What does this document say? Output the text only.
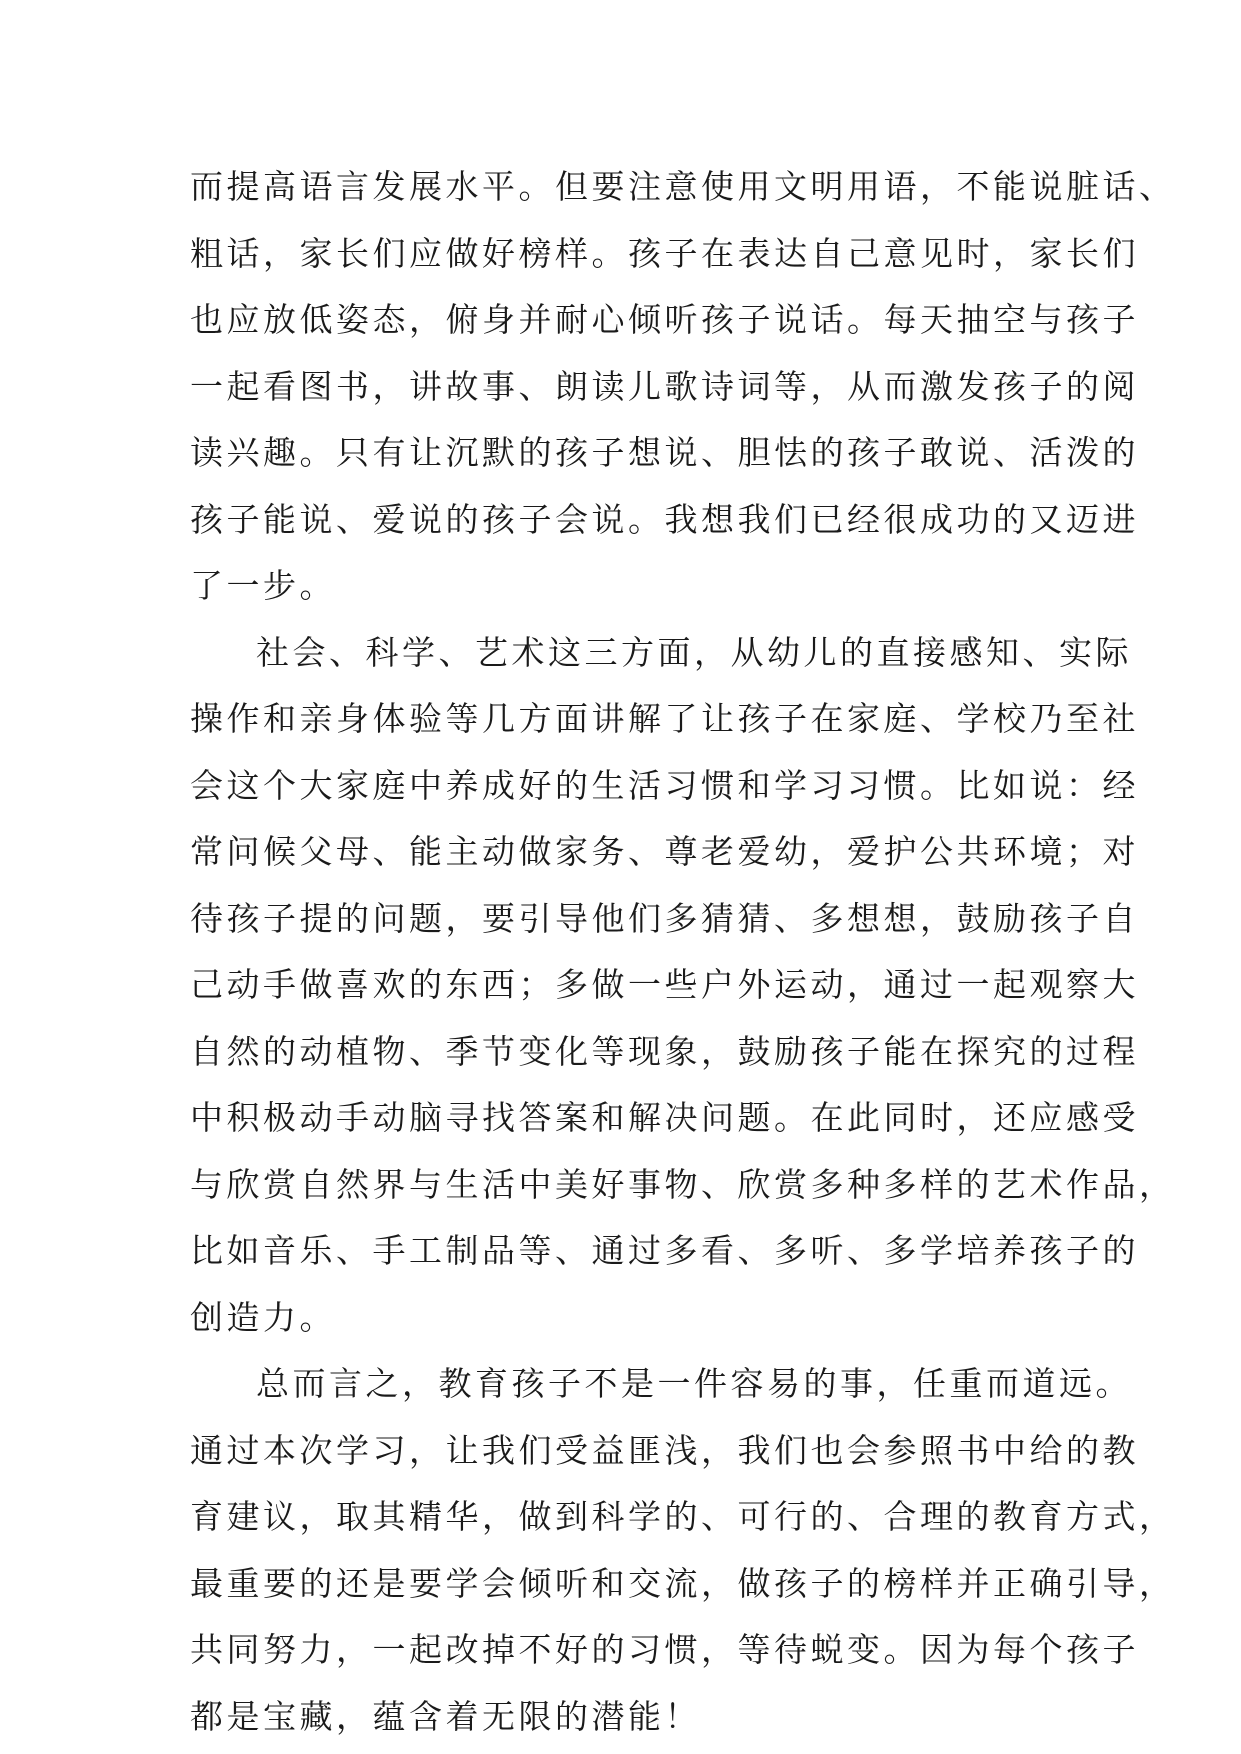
而提高语言发展水平。但要注意使用文明用语，不能说脏话、
粗话，家长们应做好榜样。孩子在表达自己意见时，家长们
也应放低姿态，俯身并耐心倾听孩子说话。每天抽空与孩子
一起看图书，讲故事、朗读儿歌诗词等，从而激发孩子的阅
读兴趣。只有让沉默的孩子想说、胆怯的孩子敢说、活泼的
孩子能说、爱说的孩子会说。我想我们已经很成功的又迈进
了一步。

社会、科学、艺术这三方面，从幼儿的直接感知、实际
操作和亲身体验等几方面讲解了让孩子在家庭、学校乃至社
会这个大家庭中养成好的生活习惯和学习习惯。比如说：经
常问候父母、能主动做家务、尊老爱幼，爱护公共环境；对
待孩子提的问题，要引导他们多猜猜、多想想，鼓励孩子自
己动手做喜欢的东西；多做一些户外运动，通过一起观察大
自然的动植物、季节变化等现象，鼓励孩子能在探究的过程
中积极动手动脑寻找答案和解决问题。在此同时，还应感受
与欣赏自然界与生活中美好事物、欣赏多种多样的艺术作品，
比如音乐、手工制品等、通过多看、多听、多学培养孩子的
创造力。

总而言之，教育孩子不是一件容易的事，任重而道远。
通过本次学习，让我们受益匪浅，我们也会参照书中给的教
育建议，取其精华，做到科学的、可行的、合理的教育方式，
最重要的还是要学会倾听和交流，做孩子的榜样并正确引导，
共同努力，一起改掉不好的习惯，等待蜕变。因为每个孩子
都是宝藏，蕴含着无限的潜能！
